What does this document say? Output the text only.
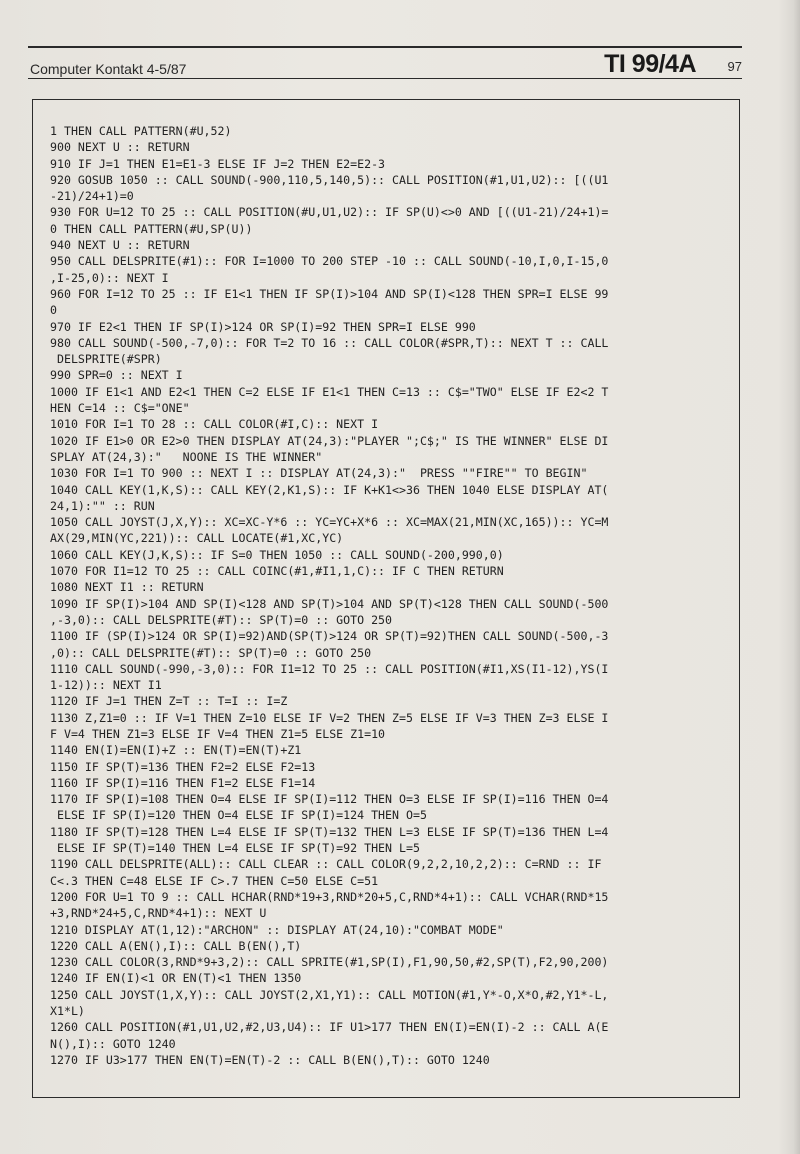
Computer Kontakt 4-5/87	TI 99/4A 97
1 THEN CALL PATTERN(#U,52)
900 NEXT U :: RETURN
910 IF J=1 THEN E1=E1-3 ELSE IF J=2 THEN E2=E2-3
920 GOSUB 1050 :: CALL SOUND(-900,110,5,140,5):: CALL POSITION(#1,U1,U2):: [((U1
-21)/24+1)=0
930 FOR U=12 TO 25 :: CALL POSITION(#U,U1,U2):: IF SP(U)<>0 AND [((U1-21)/24+1)=
0 THEN CALL PATTERN(#U,SP(U))
940 NEXT U :: RETURN
950 CALL DELSPRITE(#1):: FOR I=1000 TO 200 STEP -10 :: CALL SOUND(-10,I,0,I-15,0
,I-25,0):: NEXT I
960 FOR I=12 TO 25 :: IF E1<1 THEN IF SP(I)>104 AND SP(I)<128 THEN SPR=I ELSE 99
0
970 IF E2<1 THEN IF SP(I)>124 OR SP(I)=92 THEN SPR=I ELSE 990
980 CALL SOUND(-500,-7,0):: FOR T=2 TO 16 :: CALL COLOR(#SPR,T):: NEXT T :: CALL
DELSPRITE(#SPR)
990 SPR=0 :: NEXT I
1000 IF E1<1 AND E2<1 THEN C=2 ELSE IF E1<1 THEN C=13 :: C$="TWO" ELSE IF E2<2 T
HEN C=14 :: C$="ONE"
1010 FOR I=1 TO 28 :: CALL COLOR(#I,C):: NEXT I
1020 IF E1>0 OR E2>0 THEN DISPLAY AT(24,3):"PLAYER ";C$;" IS THE WINNER" ELSE DI
SPLAY AT(24,3):"   NOONE IS THE WINNER"
1030 FOR I=1 TO 900 :: NEXT I :: DISPLAY AT(24,3):"  PRESS ""FIRE"" TO BEGIN"
1040 CALL KEY(1,K,S):: CALL KEY(2,K1,S):: IF K+K1<>36 THEN 1040 ELSE DISPLAY AT(
24,1):"" :: RUN
1050 CALL JOYST(J,X,Y):: XC=XC-Y*6 :: YC=YC+X*6 :: XC=MAX(21,MIN(XC,165)):: YC=M
AX(29,MIN(YC,221)):: CALL LOCATE(#1,XC,YC)
1060 CALL KEY(J,K,S):: IF S=0 THEN 1050 :: CALL SOUND(-200,990,0)
1070 FOR I1=12 TO 25 :: CALL COINC(#1,#I1,1,C):: IF C THEN RETURN
1080 NEXT I1 :: RETURN
1090 IF SP(I)>104 AND SP(I)<128 AND SP(T)>104 AND SP(T)<128 THEN CALL SOUND(-500
,-3,0):: CALL DELSPRITE(#T):: SP(T)=0 :: GOTO 250
1100 IF (SP(I)>124 OR SP(I)=92)AND(SP(T)>124 OR SP(T)=92)THEN CALL SOUND(-500,-3
,0):: CALL DELSPRITE(#T):: SP(T)=0 :: GOTO 250
1110 CALL SOUND(-990,-3,0):: FOR I1=12 TO 25 :: CALL POSITION(#I1,XS(I1-12),YS(I
1-12)):: NEXT I1
1120 IF J=1 THEN Z=T :: T=I :: I=Z
1130 Z,Z1=0 :: IF V=1 THEN Z=10 ELSE IF V=2 THEN Z=5 ELSE IF V=3 THEN Z=3 ELSE I
F V=4 THEN Z1=3 ELSE IF V=4 THEN Z1=5 ELSE Z1=10
1140 EN(I)=EN(I)+Z :: EN(T)=EN(T)+Z1
1150 IF SP(T)=136 THEN F2=2 ELSE F2=13
1160 IF SP(I)=116 THEN F1=2 ELSE F1=14
1170 IF SP(I)=108 THEN O=4 ELSE IF SP(I)=112 THEN O=3 ELSE IF SP(I)=116 THEN O=4
ELSE IF SP(I)=120 THEN O=4 ELSE IF SP(I)=124 THEN O=5
1180 IF SP(T)=128 THEN L=4 ELSE IF SP(T)=132 THEN L=3 ELSE IF SP(T)=136 THEN L=4
ELSE IF SP(T)=140 THEN L=4 ELSE IF SP(T)=92 THEN L=5
1190 CALL DELSPRITE(ALL):: CALL CLEAR :: CALL COLOR(9,2,2,10,2,2):: C=RND :: IF
C<.3 THEN C=48 ELSE IF C>.7 THEN C=50 ELSE C=51
1200 FOR U=1 TO 9 :: CALL HCHAR(RND*19+3,RND*20+5,C,RND*4+1):: CALL VCHAR(RND*15
+3,RND*24+5,C,RND*4+1):: NEXT U
1210 DISPLAY AT(1,12):"ARCHON" :: DISPLAY AT(24,10):"COMBAT MODE"
1220 CALL A(EN(),I):: CALL B(EN(),T)
1230 CALL COLOR(3,RND*9+3,2):: CALL SPRITE(#1,SP(I),F1,90,50,#2,SP(T),F2,90,200)
1240 IF EN(I)<1 OR EN(T)<1 THEN 1350
1250 CALL JOYST(1,X,Y):: CALL JOYST(2,X1,Y1):: CALL MOTION(#1,Y*-O,X*O,#2,Y1*-L,
X1*L)
1260 CALL POSITION(#1,U1,U2,#2,U3,U4):: IF U1>177 THEN EN(I)=EN(I)-2 :: CALL A(E
N(),I):: GOTO 1240
1270 IF U3>177 THEN EN(T)=EN(T)-2 :: CALL B(EN(),T):: GOTO 1240
